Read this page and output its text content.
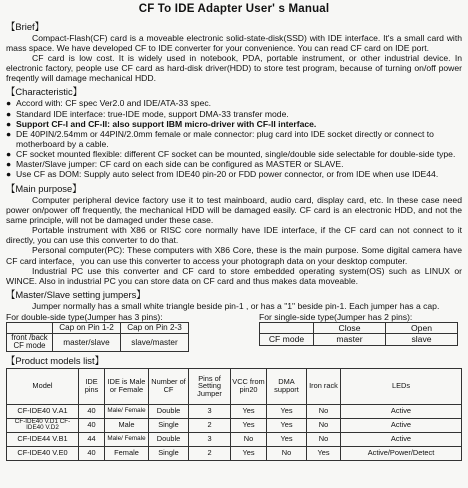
CF To IDE Adapter User' s Manual
【Brief】

Compact-Flash(CF) card is a moveable electronic solid-state-disk(SSD) with IDE interface. It's a small card with mass space. We have developed CF to IDE converter for your convenience. You can read CF card on IDE port.

CF card is low cost. It is widely used in notebook, PDA, portable instrument, or other industrial device. In electronic factory, people use CF card as hard-disk driver(HDD) to store test program, because of turning on/off power freqently will damage mechanical HDD.

【Characteristic】
● Accord with: CF spec Ver2.0 and IDE/ATA-33 spec.
● Standard IDE interface: true-IDE mode, support DMA-33 transfer mode.
● Support CF-I and CF-II: also support IBM micro-driver with CF-II interface.
● DE 40PIN/2.54mm or 44PIN/2.0mm female or male connector: plug card into IDE socket directly or connect to motherboard by a cable.
● CF socket mounted flexible: different CF socket can be mounted, single/double side selectable for double-side type.
● Master/Slave jumper: CF card on each side can be configured as MASTER or SLAVE.
● Use CF as DOM: Supply auto select from IDE40 pin-20 or FDD power connector, or from IDE when use IDE44.
【Main purpose】

Computer peripheral device factory use it to test mainboard, audio card, display card, etc. In these case need power on/power off frequently, the mechanical HDD will be damaged easily. CF card is an electronic HDD, and not the same principle, will not be damaged under these case.

Portable instrument with X86 or RISC core normally have IDE interface, if the CF card can not connect to it directly, you can use this converter to do that.

Personal computer(PC): These computers with X86 Core, these is the main purpose. Some digital camera have CF card interface，you can use this converter to access your photograph data on your desktop computer.

Industrial PC use this converter and CF card to store embedded operating system(OS) such as LINUX or WINCE. Also in industrial PC you can store data on CF card and thus makes data moveable.

【Master/Slave setting jumpers】

Jumper normally has a small white triangle beside pin-1 , or has a "1" beside pin-1. Each jumper has a cap.

For double-side type(Jumper has 3 pins):
	Cap on Pin 1-2	Cap on Pin 2-3
front /back CF mode	master/slave	slave/master
For single-side type(Jumper has 2 pins):
	Close	Open
CF mode	master	slave
【Product models list】
Model	IDE pins	IDE is Male or Female	Number of CF	Pins of Setting Jumper	VCC from pin20	DMA support	Iron rack	LEDs
CF-IDE40 V.A1	40	Male/ Female	Double	3	Yes	Yes	No	Active
CF-IDE40 V.D1 CF-IDE40 V.D2	40	Male	Single	2	Yes	Yes	No	Active
CF-IDE44 V.B1	44	Male/ Female	Double	3	No	Yes	No	Active
CF-IDE40 V.E0	40	Female	Single	2	Yes	No	Yes	Active/Power/Detect
